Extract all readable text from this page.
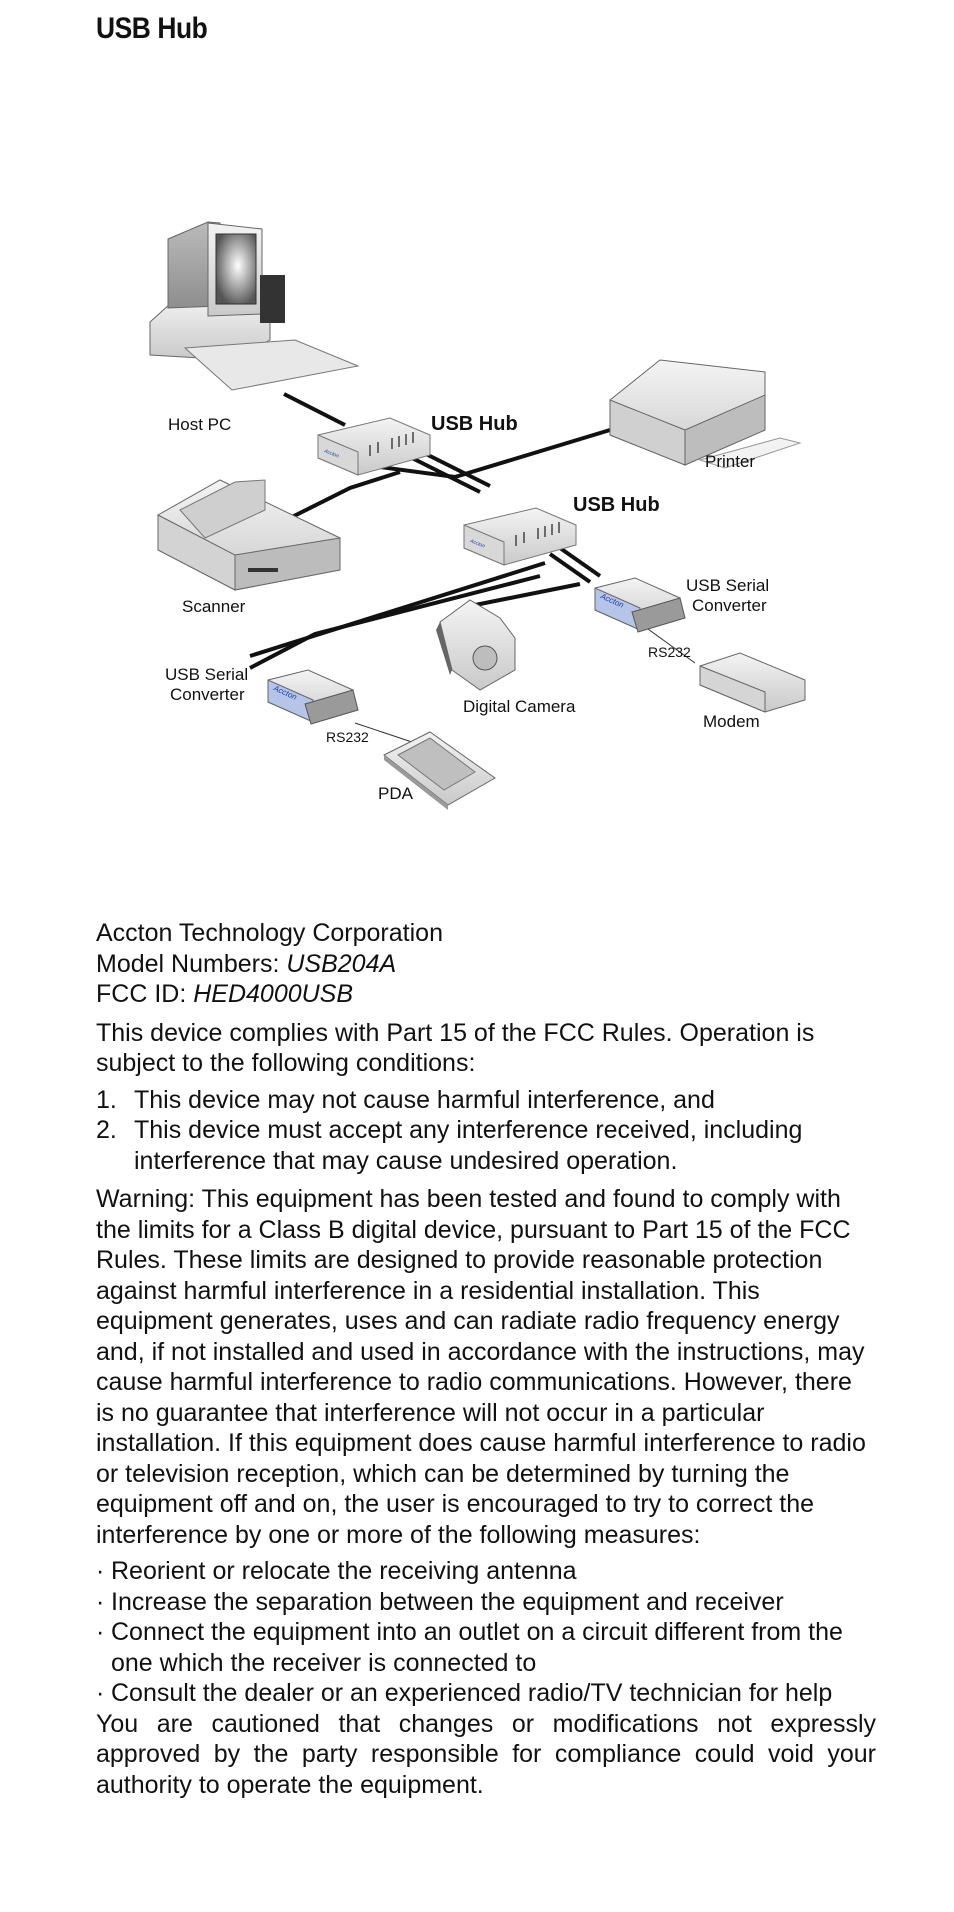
USB Hub
Accton
Accton
Accton
Accton
Host PC	USB Hub
Printer
USB Hub
Scanner
USB Serial
Converter
RS232
Modem
USB Serial
Converter
Digital Camera
RS232
PDA

Accton Technology Corporation

Model Numbers: USB204A

FCC ID: HED4000USB

This device complies with Part 15 of the FCC Rules. Operation is subject to the following conditions:

1. This device may not cause harmful interference, and
2. This device must accept any interference received, including interference that may cause undesired operation.

Warning: This equipment has been tested and found to comply with the limits for a Class B digital device, pursuant to Part 15 of the FCC Rules. These limits are designed to provide reasonable protection against harmful interference in a residential installation. This equipment generates, uses and can radiate radio frequency energy and, if not installed and used in accordance with the instructions, may cause harmful interference to radio communications. However, there is no guarantee that interference will not occur in a particular installation. If this equipment does cause harmful interference to radio or television reception, which can be determined by turning the equipment off and on, the user is encouraged to try to correct the interference by one or more of the following measures:

· Reorient or relocate the receiving antenna
· Increase the separation between the equipment and receiver
· Connect the equipment into an outlet on a circuit different from the one which the receiver is connected to
· Consult the dealer or an experienced radio/TV technician for help

You are cautioned that changes or modifications not expressly approved by the party responsible for compliance could void your authority to operate the equipment.
